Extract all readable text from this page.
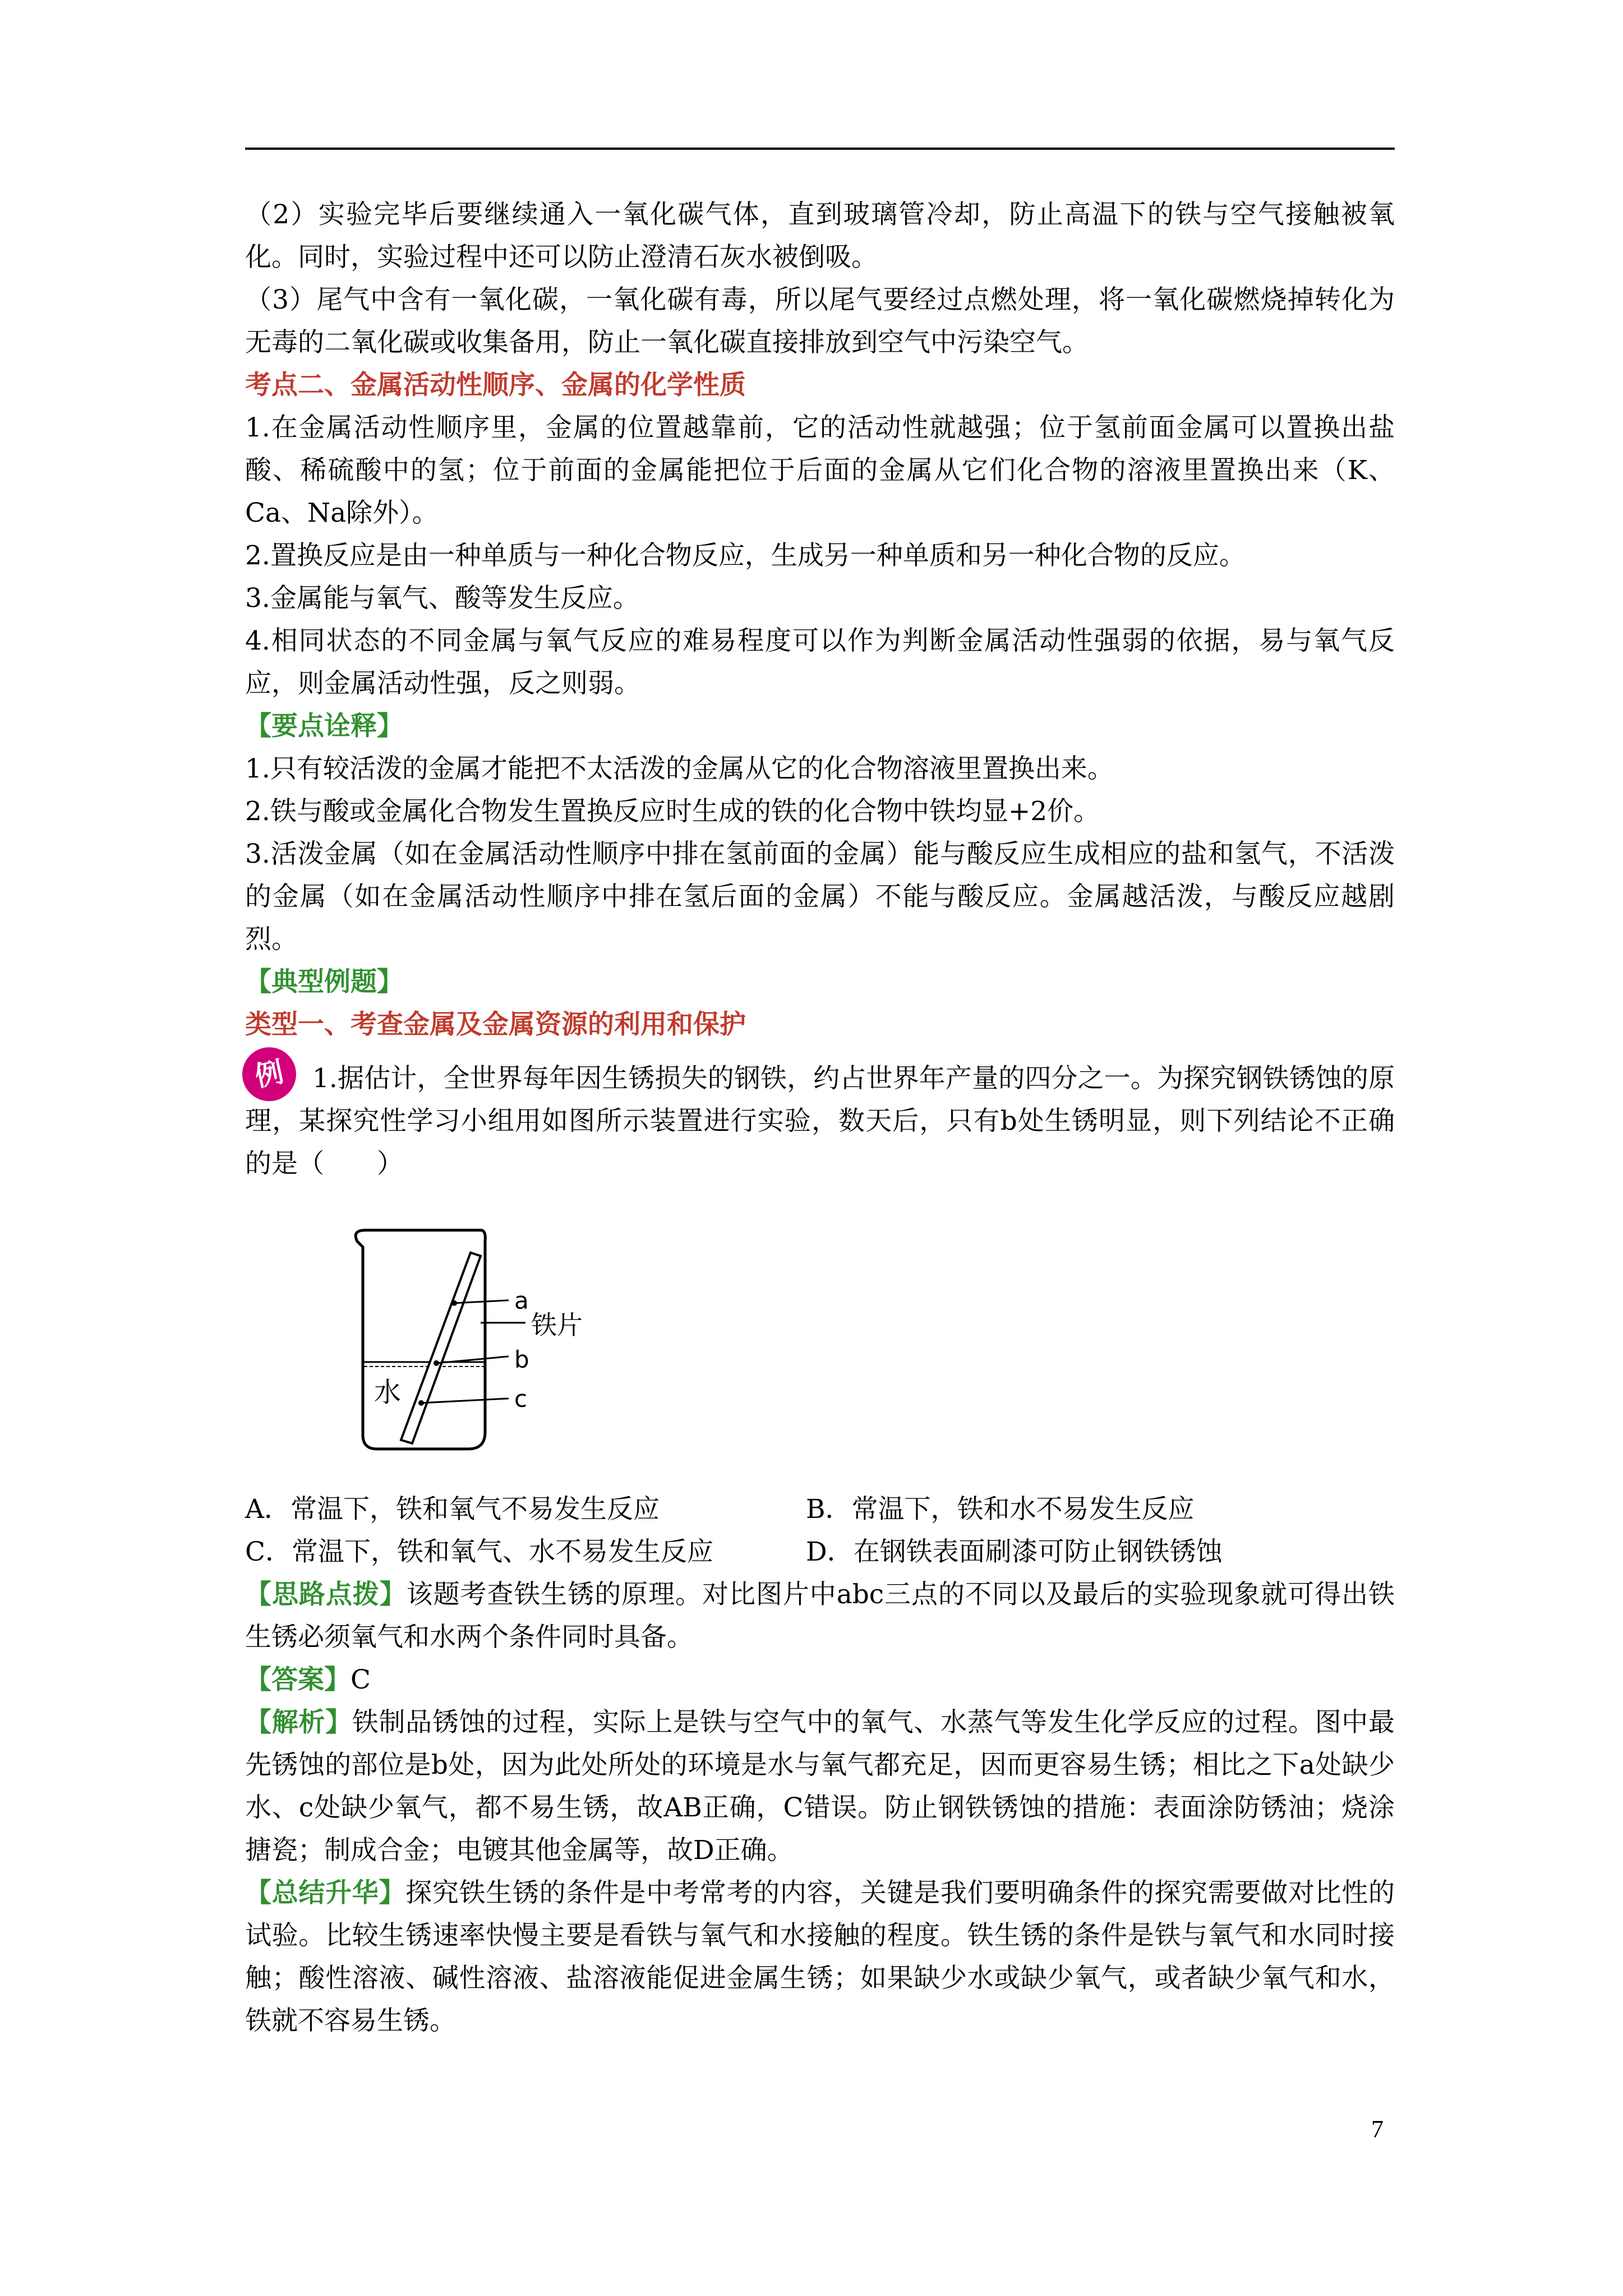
（2）实验完毕后要继续通入一氧化碳气体，直到玻璃管冷却，防止高温下的铁与空气接触被氧化。同时，实验过程中还可以防止澄清石灰水被倒吸。

（3）尾气中含有一氧化碳，一氧化碳有毒，所以尾气要经过点燃处理，将一氧化碳燃烧掉转化为无毒的二氧化碳或收集备用，防止一氧化碳直接排放到空气中污染空气。

考点二、金属活动性顺序、金属的化学性质

1.在金属活动性顺序里，金属的位置越靠前，它的活动性就越强；位于氢前面金属可以置换出盐酸、稀硫酸中的氢；位于前面的金属能把位于后面的金属从它们化合物的溶液里置换出来（K、Ca、Na除外）。

2.置换反应是由一种单质与一种化合物反应，生成另一种单质和另一种化合物的反应。

3.金属能与氧气、酸等发生反应。

4.相同状态的不同金属与氧气反应的难易程度可以作为判断金属活动性强弱的依据，易与氧气反应，则金属活动性强，反之则弱。

【要点诠释】

1.只有较活泼的金属才能把不太活泼的金属从它的化合物溶液里置换出来。

2.铁与酸或金属化合物发生置换反应时生成的铁的化合物中铁均显+2价。

3.活泼金属（如在金属活动性顺序中排在氢前面的金属）能与酸反应生成相应的盐和氢气，不活泼的金属（如在金属活动性顺序中排在氢后面的金属）不能与酸反应。金属越活泼，与酸反应越剧烈。

【典型例题】

类型一、考查金属及金属资源的利用和保护

例 1.据估计，全世界每年因生锈损失的钢铁，约占世界年产量的四分之一。为探究钢铁锈蚀的原理，某探究性学习小组用如图所示装置进行实验，数天后，只有b处生锈明显，则下列结论不正确的是（　　）

a
铁片
b
c
水
A．常温下，铁和氧气不易发生反应	B．常温下，铁和水不易发生反应
C．常温下，铁和氧气、水不易发生反应	D．在钢铁表面刷漆可防止钢铁锈蚀

【思路点拨】该题考查铁生锈的原理。对比图片中abc三点的不同以及最后的实验现象就可得出铁生锈必须氧气和水两个条件同时具备。

【答案】C

【解析】铁制品锈蚀的过程，实际上是铁与空气中的氧气、水蒸气等发生化学反应的过程。图中最先锈蚀的部位是b处，因为此处所处的环境是水与氧气都充足，因而更容易生锈；相比之下a处缺少水、c处缺少氧气，都不易生锈，故AB正确，C错误。防止钢铁锈蚀的措施：表面涂防锈油；烧涂搪瓷；制成合金；电镀其他金属等，故D正确。

【总结升华】探究铁生锈的条件是中考常考的内容，关键是我们要明确条件的探究需要做对比性的试验。比较生锈速率快慢主要是看铁与氧气和水接触的程度。铁生锈的条件是铁与氧气和水同时接触；酸性溶液、碱性溶液、盐溶液能促进金属生锈；如果缺少水或缺少氧气，或者缺少氧气和水，铁就不容易生锈。

7
